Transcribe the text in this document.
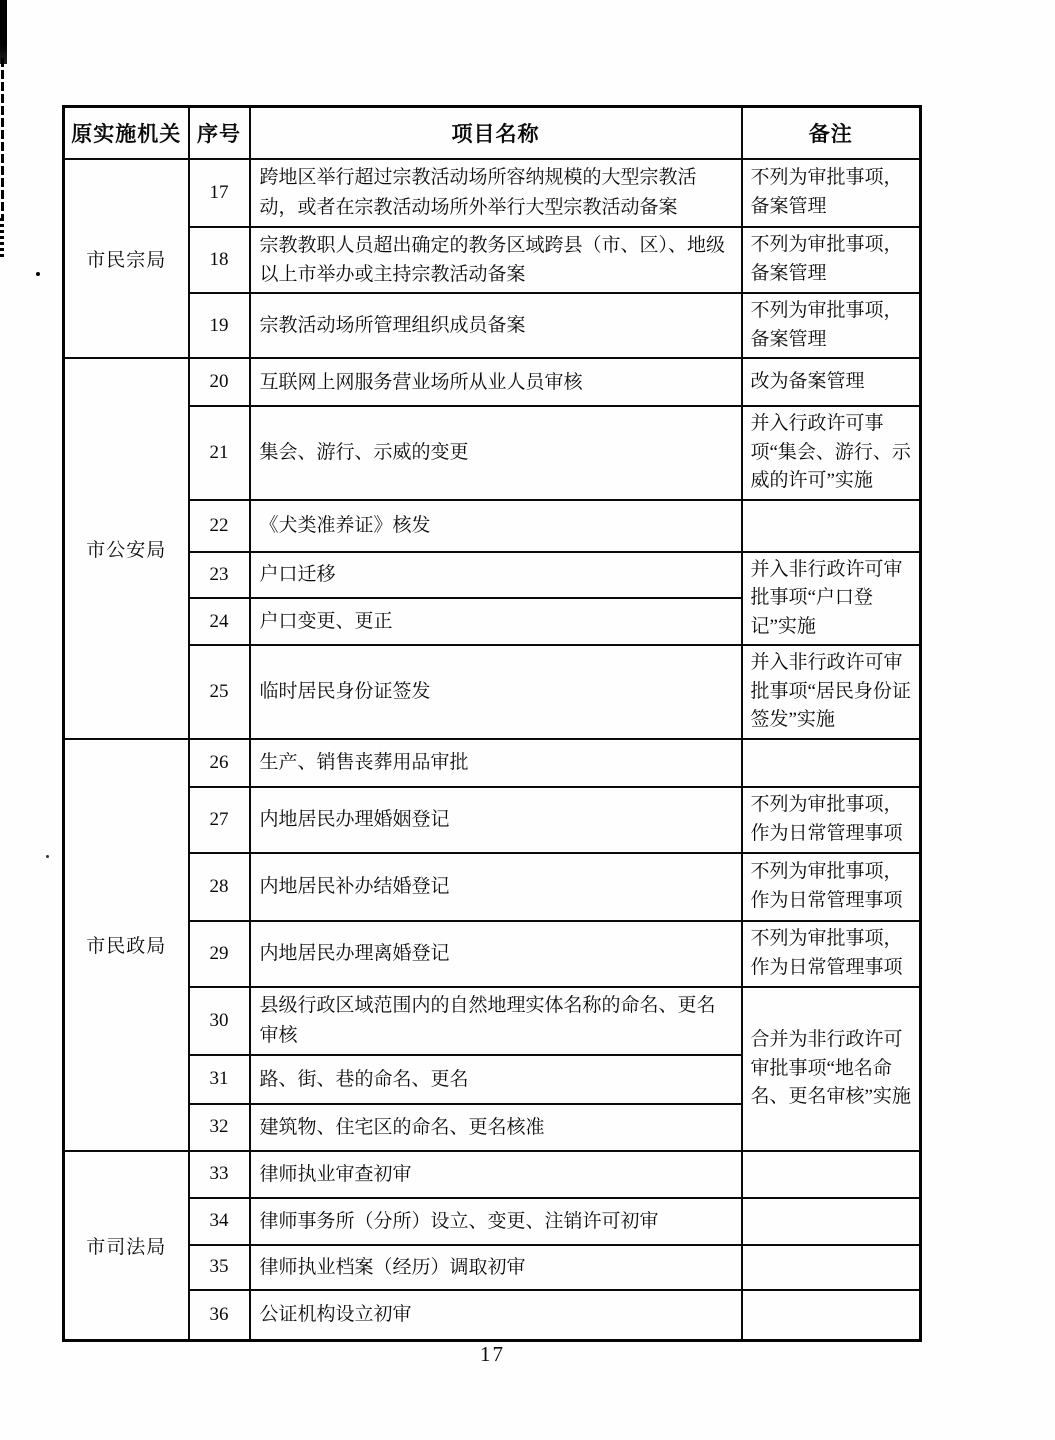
原实施机关	序号	项目名称	备注
市民宗局	17	跨地区举行超过宗教活动场所容纳规模的大型宗教活动，或者在宗教活动场所外举行大型宗教活动备案	不列为审批事项，备案管理
	18	宗教教职人员超出确定的教务区域跨县（市、区）、地级以上市举办或主持宗教活动备案	不列为审批事项，备案管理
	19	宗教活动场所管理组织成员备案	不列为审批事项，备案管理
市公安局	20	互联网上网服务营业场所从业人员审核	改为备案管理
	21	集会、游行、示威的变更	并入行政许可事项“集会、游行、示威的许可”实施
	22	《犬类准养证》核发	
	23	户口迁移	并入非行政许可审批事项“户口登记”实施
	24	户口变更、更正	
	25	临时居民身份证签发	并入非行政许可审批事项“居民身份证签发”实施
市民政局	26	生产、销售丧葬用品审批	
	27	内地居民办理婚姻登记	不列为审批事项，作为日常管理事项
	28	内地居民补办结婚登记	不列为审批事项，作为日常管理事项
	29	内地居民办理离婚登记	不列为审批事项，作为日常管理事项
	30	县级行政区域范围内的自然地理实体名称的命名、更名审核	合并为非行政许可审批事项“地名命名、更名审核”实施
	31	路、街、巷的命名、更名	
	32	建筑物、住宅区的命名、更名核准	
市司法局	33	律师执业审查初审	
	34	律师事务所（分所）设立、变更、注销许可初审	
	35	律师执业档案（经历）调取初审	
	36	公证机构设立初审	
17
